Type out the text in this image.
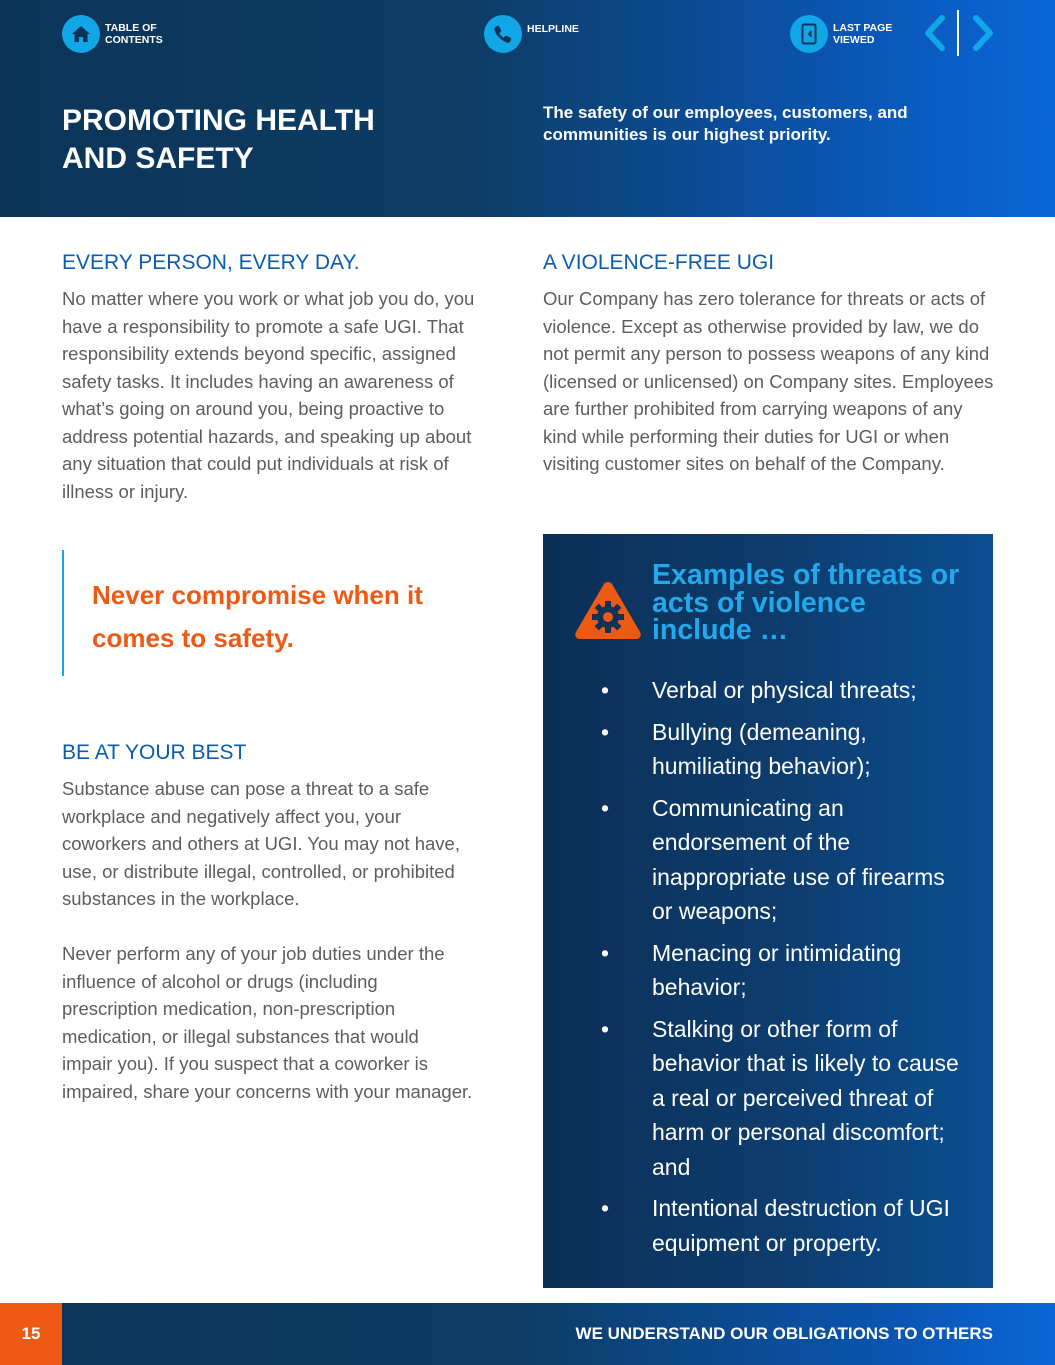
TABLE OF CONTENTS
HELPLINE	LAST PAGE VIEWED
PROMOTING HEALTH AND SAFETY

The safety of our employees, customers, and communities is our highest priority.

EVERY PERSON, EVERY DAY.

No matter where you work or what job you do, you have a responsibility to promote a safe UGI. That responsibility extends beyond specific, assigned safety tasks. It includes having an awareness of what’s going on around you, being proactive to address potential hazards, and speaking up about any situation that could put individuals at risk of illness or injury.

Never compromise when it comes to safety.

BE AT YOUR BEST

Substance abuse can pose a threat to a safe workplace and negatively affect you, your coworkers and others at UGI. You may not have, use, or distribute illegal, controlled, or prohibited substances in the workplace.

Never perform any of your job duties under the influence of alcohol or drugs (including prescription medication, non-prescription medication, or illegal substances that would impair you). If you suspect that a coworker is impaired, share your concerns with your manager.

A VIOLENCE-FREE UGI

Our Company has zero tolerance for threats or acts of violence. Except as otherwise provided by law, we do not permit any person to possess weapons of any kind (licensed or unlicensed) on Company sites. Employees are further prohibited from carrying weapons of any kind while performing their duties for UGI or when visiting customer sites on behalf of the Company.

Examples of threats or acts of violence include …
• Verbal or physical threats;
• Bullying (demeaning, humiliating behavior);
• Communicating an endorsement of the inappropriate use of firearms or weapons;
• Menacing or intimidating behavior;
• Stalking or other form of behavior that is likely to cause a real or perceived threat of harm or personal discomfort; and
• Intentional destruction of UGI equipment or property.
15	WE UNDERSTAND OUR OBLIGATIONS TO OTHERS
